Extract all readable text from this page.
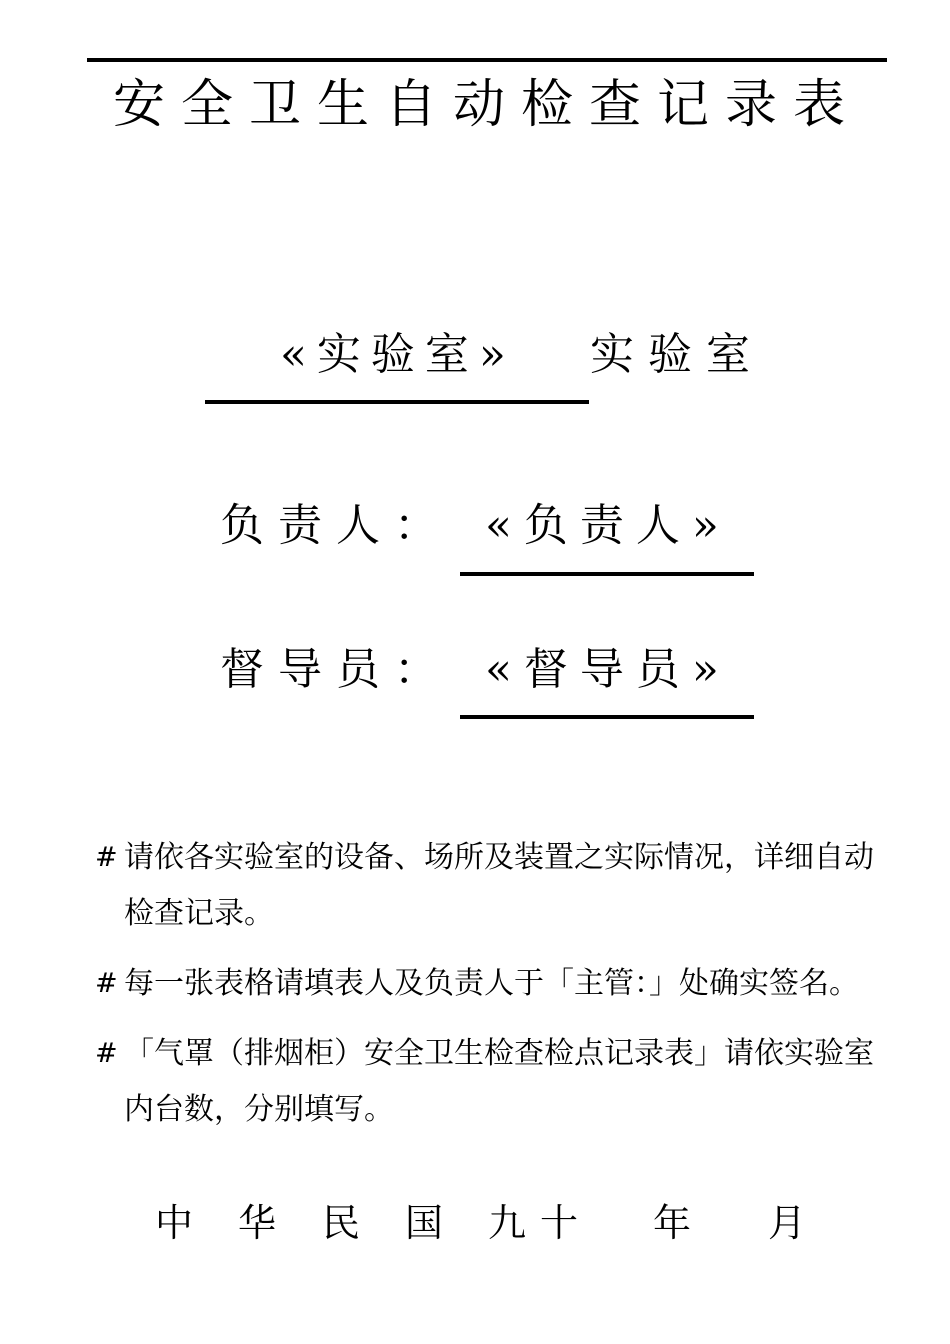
安全卫生自动检查记录表
«实验室» 实验室
负责人： «负责人»
督导员： «督导员»
# 请依各实验室的设备、场所及装置之实际情况，详细自动检查记录。
# 每一张表格请填表人及负责人于「主管：」处确实签名。
# 「气罩（排烟柜）安全卫生检查检点记录表」请依实验室内台数，分别填写。
中 华 民 国 九十 年 月
